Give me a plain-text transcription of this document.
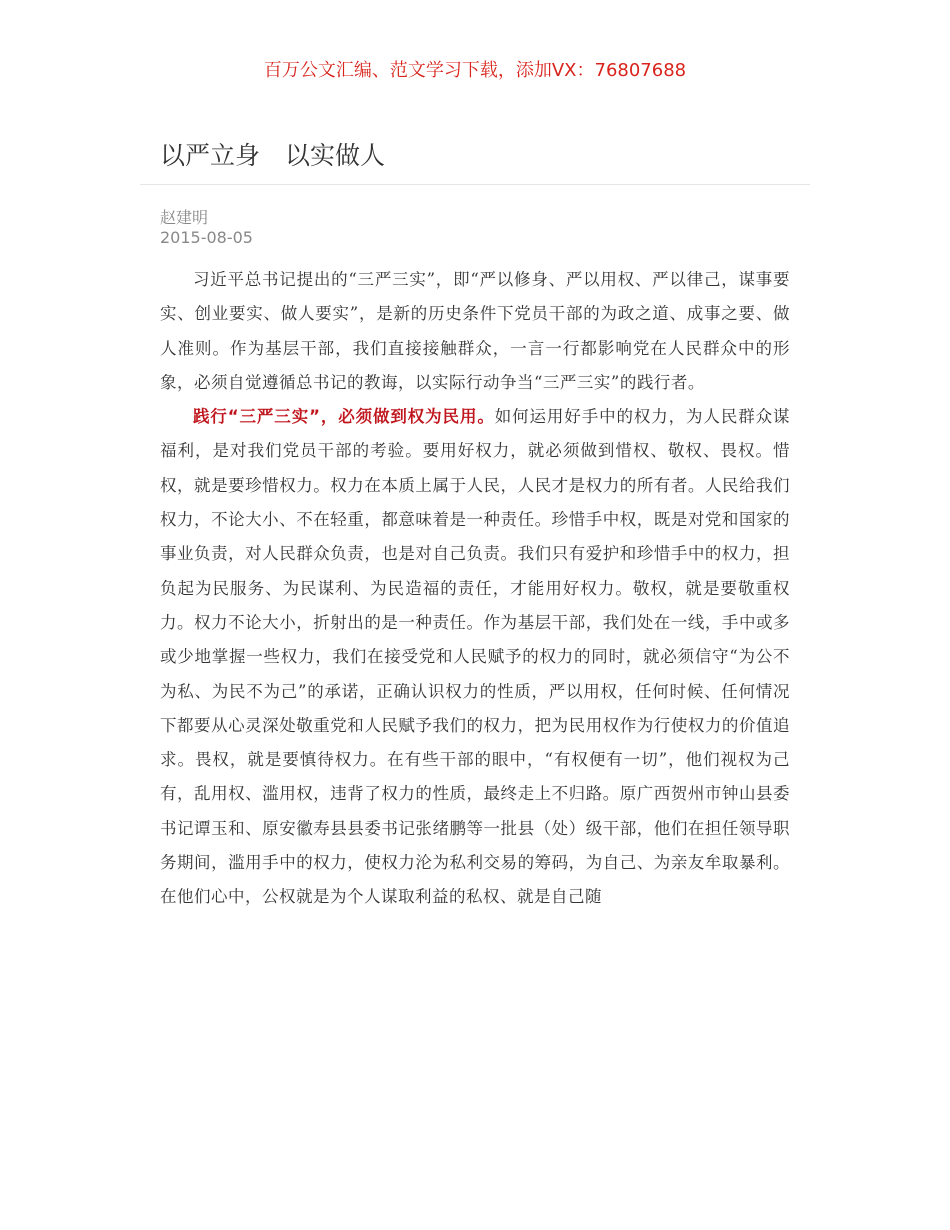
百万公文汇编、范文学习下载，添加VX：76807688
以严立身　以实做人
赵建明
2015-08-05

习近平总书记提出的“三严三实”，即“严以修身、严以用权、严以律己，谋事要实、创业要实、做人要实”，是新的历史条件下党员干部的为政之道、成事之要、做人准则。作为基层干部，我们直接接触群众，一言一行都影响党在人民群众中的形象，必须自觉遵循总书记的教诲，以实际行动争当“三严三实”的践行者。

践行“三严三实”，必须做到权为民用。如何运用好手中的权力，为人民群众谋福利，是对我们党员干部的考验。要用好权力，就必须做到惜权、敬权、畏权。惜权，就是要珍惜权力。权力在本质上属于人民，人民才是权力的所有者。人民给我们权力，不论大小、不在轻重，都意味着是一种责任。珍惜手中权，既是对党和国家的事业负责，对人民群众负责，也是对自己负责。我们只有爱护和珍惜手中的权力，担负起为民服务、为民谋利、为民造福的责任，才能用好权力。敬权，就是要敬重权力。权力不论大小，折射出的是一种责任。作为基层干部，我们处在一线，手中或多或少地掌握一些权力，我们在接受党和人民赋予的权力的同时，就必须信守“为公不为私、为民不为己”的承诺，正确认识权力的性质，严以用权，任何时候、任何情况下都要从心灵深处敬重党和人民赋予我们的权力，把为民用权作为行使权力的价值追求。畏权，就是要慎待权力。在有些干部的眼中，“有权便有一切”，他们视权为己有，乱用权、滥用权，违背了权力的性质，最终走上不归路。原广西贺州市钟山县委书记谭玉和、原安徽寿县县委书记张绪鹏等一批县（处）级干部，他们在担任领导职务期间，滥用手中的权力，使权力沦为私利交易的筹码，为自己、为亲友牟取暴利。在他们心中，公权就是为个人谋取利益的私权、就是自己随
